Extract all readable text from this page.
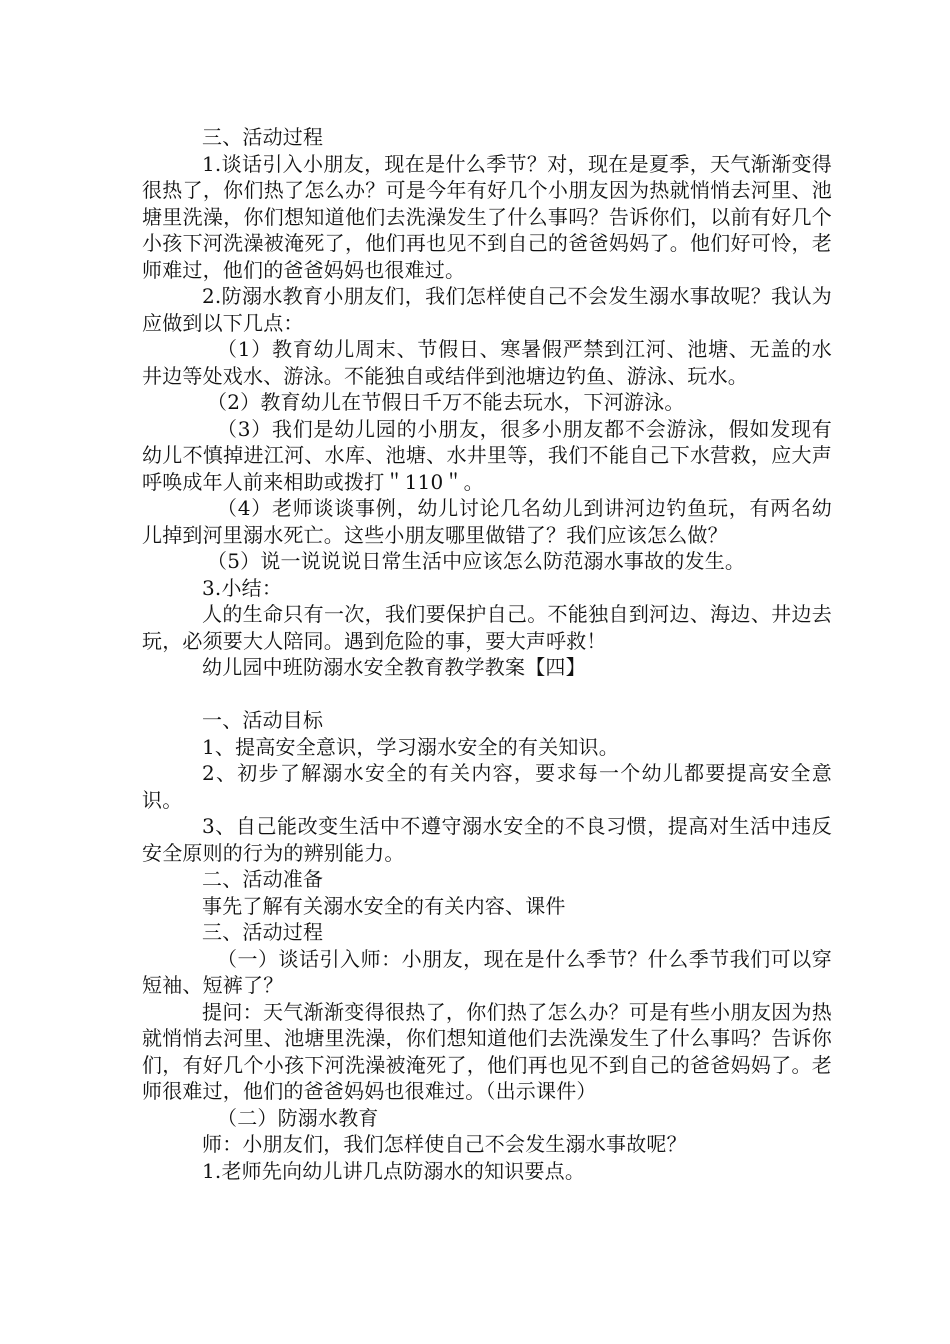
三、活动过程

1.谈话引入小朋友，现在是什么季节？对，现在是夏季，天气渐渐变得很热了，你们热了怎么办？可是今年有好几个小朋友因为热就悄悄去河里、池塘里洗澡，你们想知道他们去洗澡发生了什么事吗？告诉你们，以前有好几个小孩下河洗澡被淹死了，他们再也见不到自己的爸爸妈妈了。他们好可怜，老师难过，他们的爸爸妈妈也很难过。

2.防溺水教育小朋友们，我们怎样使自己不会发生溺水事故呢？我认为应做到以下几点：

（1）教育幼儿周末、节假日、寒暑假严禁到江河、池塘、无盖的水井边等处戏水、游泳。不能独自或结伴到池塘边钓鱼、游泳、玩水。

（2）教育幼儿在节假日千万不能去玩水，下河游泳。

（3）我们是幼儿园的小朋友，很多小朋友都不会游泳，假如发现有幼儿不慎掉进江河、水库、池塘、水井里等，我们不能自己下水营救，应大声呼唤成年人前来相助或拨打＂110＂。

（4）老师谈谈事例，幼儿讨论几名幼儿到讲河边钓鱼玩，有两名幼儿掉到河里溺水死亡。这些小朋友哪里做错了？我们应该怎么做？

（5）说一说说说日常生活中应该怎么防范溺水事故的发生。

3.小结：

人的生命只有一次，我们要保护自己。不能独自到河边、海边、井边去玩，必须要大人陪同。遇到危险的事，要大声呼救！

幼儿园中班防溺水安全教育教学教案【四】

一、活动目标

1、提高安全意识，学习溺水安全的有关知识。

2、初步了解溺水安全的有关内容，要求每一个幼儿都要提高安全意识。

3、自己能改变生活中不遵守溺水安全的不良习惯，提高对生活中违反安全原则的行为的辨别能力。

二、活动准备

事先了解有关溺水安全的有关内容、课件

三、活动过程

（一）谈话引入师：小朋友，现在是什么季节？什么季节我们可以穿短袖、短裤了？

提问：天气渐渐变得很热了，你们热了怎么办？可是有些小朋友因为热就悄悄去河里、池塘里洗澡，你们想知道他们去洗澡发生了什么事吗？告诉你们，有好几个小孩下河洗澡被淹死了，他们再也见不到自己的爸爸妈妈了。老师很难过，他们的爸爸妈妈也很难过。（出示课件）

（二）防溺水教育

师：小朋友们，我们怎样使自己不会发生溺水事故呢？

1.老师先向幼儿讲几点防溺水的知识要点。
